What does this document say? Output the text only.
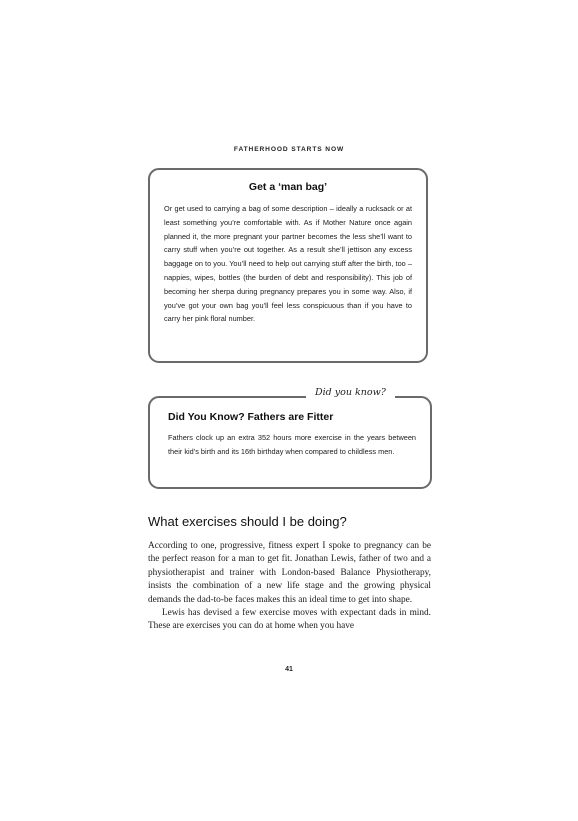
FATHERHOOD STARTS NOW
Get a ‘man bag’

Or get used to carrying a bag of some description – ideally a rucksack or at least something you’re comfortable with. As if Mother Nature once again planned it, the more pregnant your partner becomes the less she’ll want to carry stuff when you’re out together. As a result she’ll jettison any excess baggage on to you. You’ll need to help out carrying stuff after the birth, too – nappies, wipes, bottles (the burden of debt and responsibility). This job of becoming her sherpa during pregnancy prepares you in some way. Also, if you’ve got your own bag you’ll feel less conspicuous than if you have to carry her pink floral number.

Did You Know? Fathers are Fitter

Fathers clock up an extra 352 hours more exercise in the years between their kid’s birth and its 16th birthday when compared to childless men.

Did you know?
What exercises should I be doing?

According to one, progressive, fitness expert I spoke to pregnancy can be the perfect reason for a man to get fit. Jonathan Lewis, father of two and a physiotherapist and trainer with London-based Balance Physiotherapy, insists the combination of a new life stage and the growing physical demands the dad-to-be faces makes this an ideal time to get into shape.

Lewis has devised a few exercise moves with expectant dads in mind. These are exercises you can do at home when you have

41
